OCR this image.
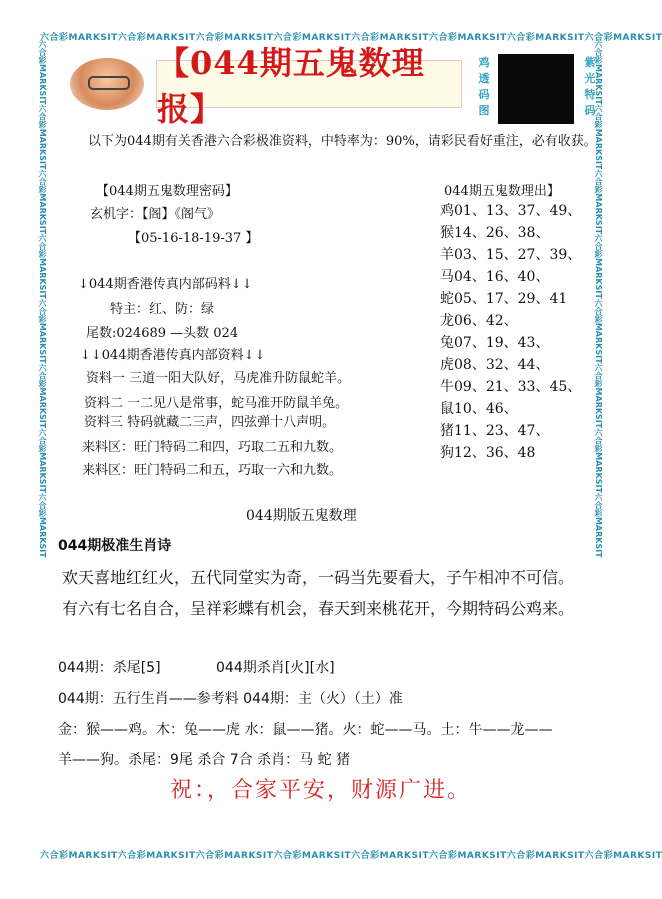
六合彩MARKSIT六合彩MARKSIT六合彩MARKSIT六合彩MARKSIT六合彩MARKSIT六合彩MARKSIT六合彩MARKSIT六合彩MARKSIT
六合彩MARKSIT六合彩MARKSIT六合彩MARKSIT六合彩MARKSIT六合彩MARKSIT六合彩MARKSIT六合彩MARKSIT六合彩MARKSIT
六合彩MARKSIT六合彩MARKSIT六合彩MARKSIT六合彩MARKSIT六合彩MARKSIT六合彩MARKSIT六合彩MARKSIT六合彩MARKSIT	六合彩MARKSIT六合彩MARKSIT六合彩MARKSIT六合彩MARKSIT六合彩MARKSIT六合彩MARKSIT六合彩MARKSIT六合彩MARKSIT
【044期五鬼数理报】
鸡透码图
紫光特码
以下为044期有关香港六合彩极准资料，中特率为：90%，请彩民看好重注，必有收获。
【044期五鬼数理密码】
玄机字：【阁】《阁气》
【05-16-18-19-37 】
↓044期香港传真内部码料↓↓
特主：红、防：绿
尾数:024689 —头数 024
↓↓044期香港传真内部资料↓↓
资料一 三道一阳大队好，马虎准升防鼠蛇羊。
资料二 一二见八是常事，蛇马准开防鼠羊兔。
资料三 特码就藏二三声，四弦弹十八声明。
来料区：旺门特码二和四，巧取二五和九数。
来料区：旺门特码二和五，巧取一六和九数。
044期五鬼数理出】
鸡01、13、37、49、
猴14、26、38、
羊03、15、27、39、
马04、16、40、
蛇05、17、29、41
龙06、42、
兔07、19、43、
虎08、32、44、
牛09、21、33、45、
鼠10、46、
猪11、23、47、
狗12、36、48
044期版五鬼数理
044期极准生肖诗
欢天喜地红红火，五代同堂实为奇，一码当先要看大，子午相冲不可信。
有六有七名自合，呈祥彩蝶有机会，春天到来桃花开，今期特码公鸡来。
044期：杀尾[5]	044期杀肖[火][水]
044期：五行生肖——参考料 044期：主（火）（土）准
金：猴——鸡。木：兔——虎 水：鼠——猪。火：蛇——马。土：牛——龙——
羊——狗。杀尾：9尾 杀合 7合 杀肖：马 蛇 猪
祝：，合家平安，财源广进。
